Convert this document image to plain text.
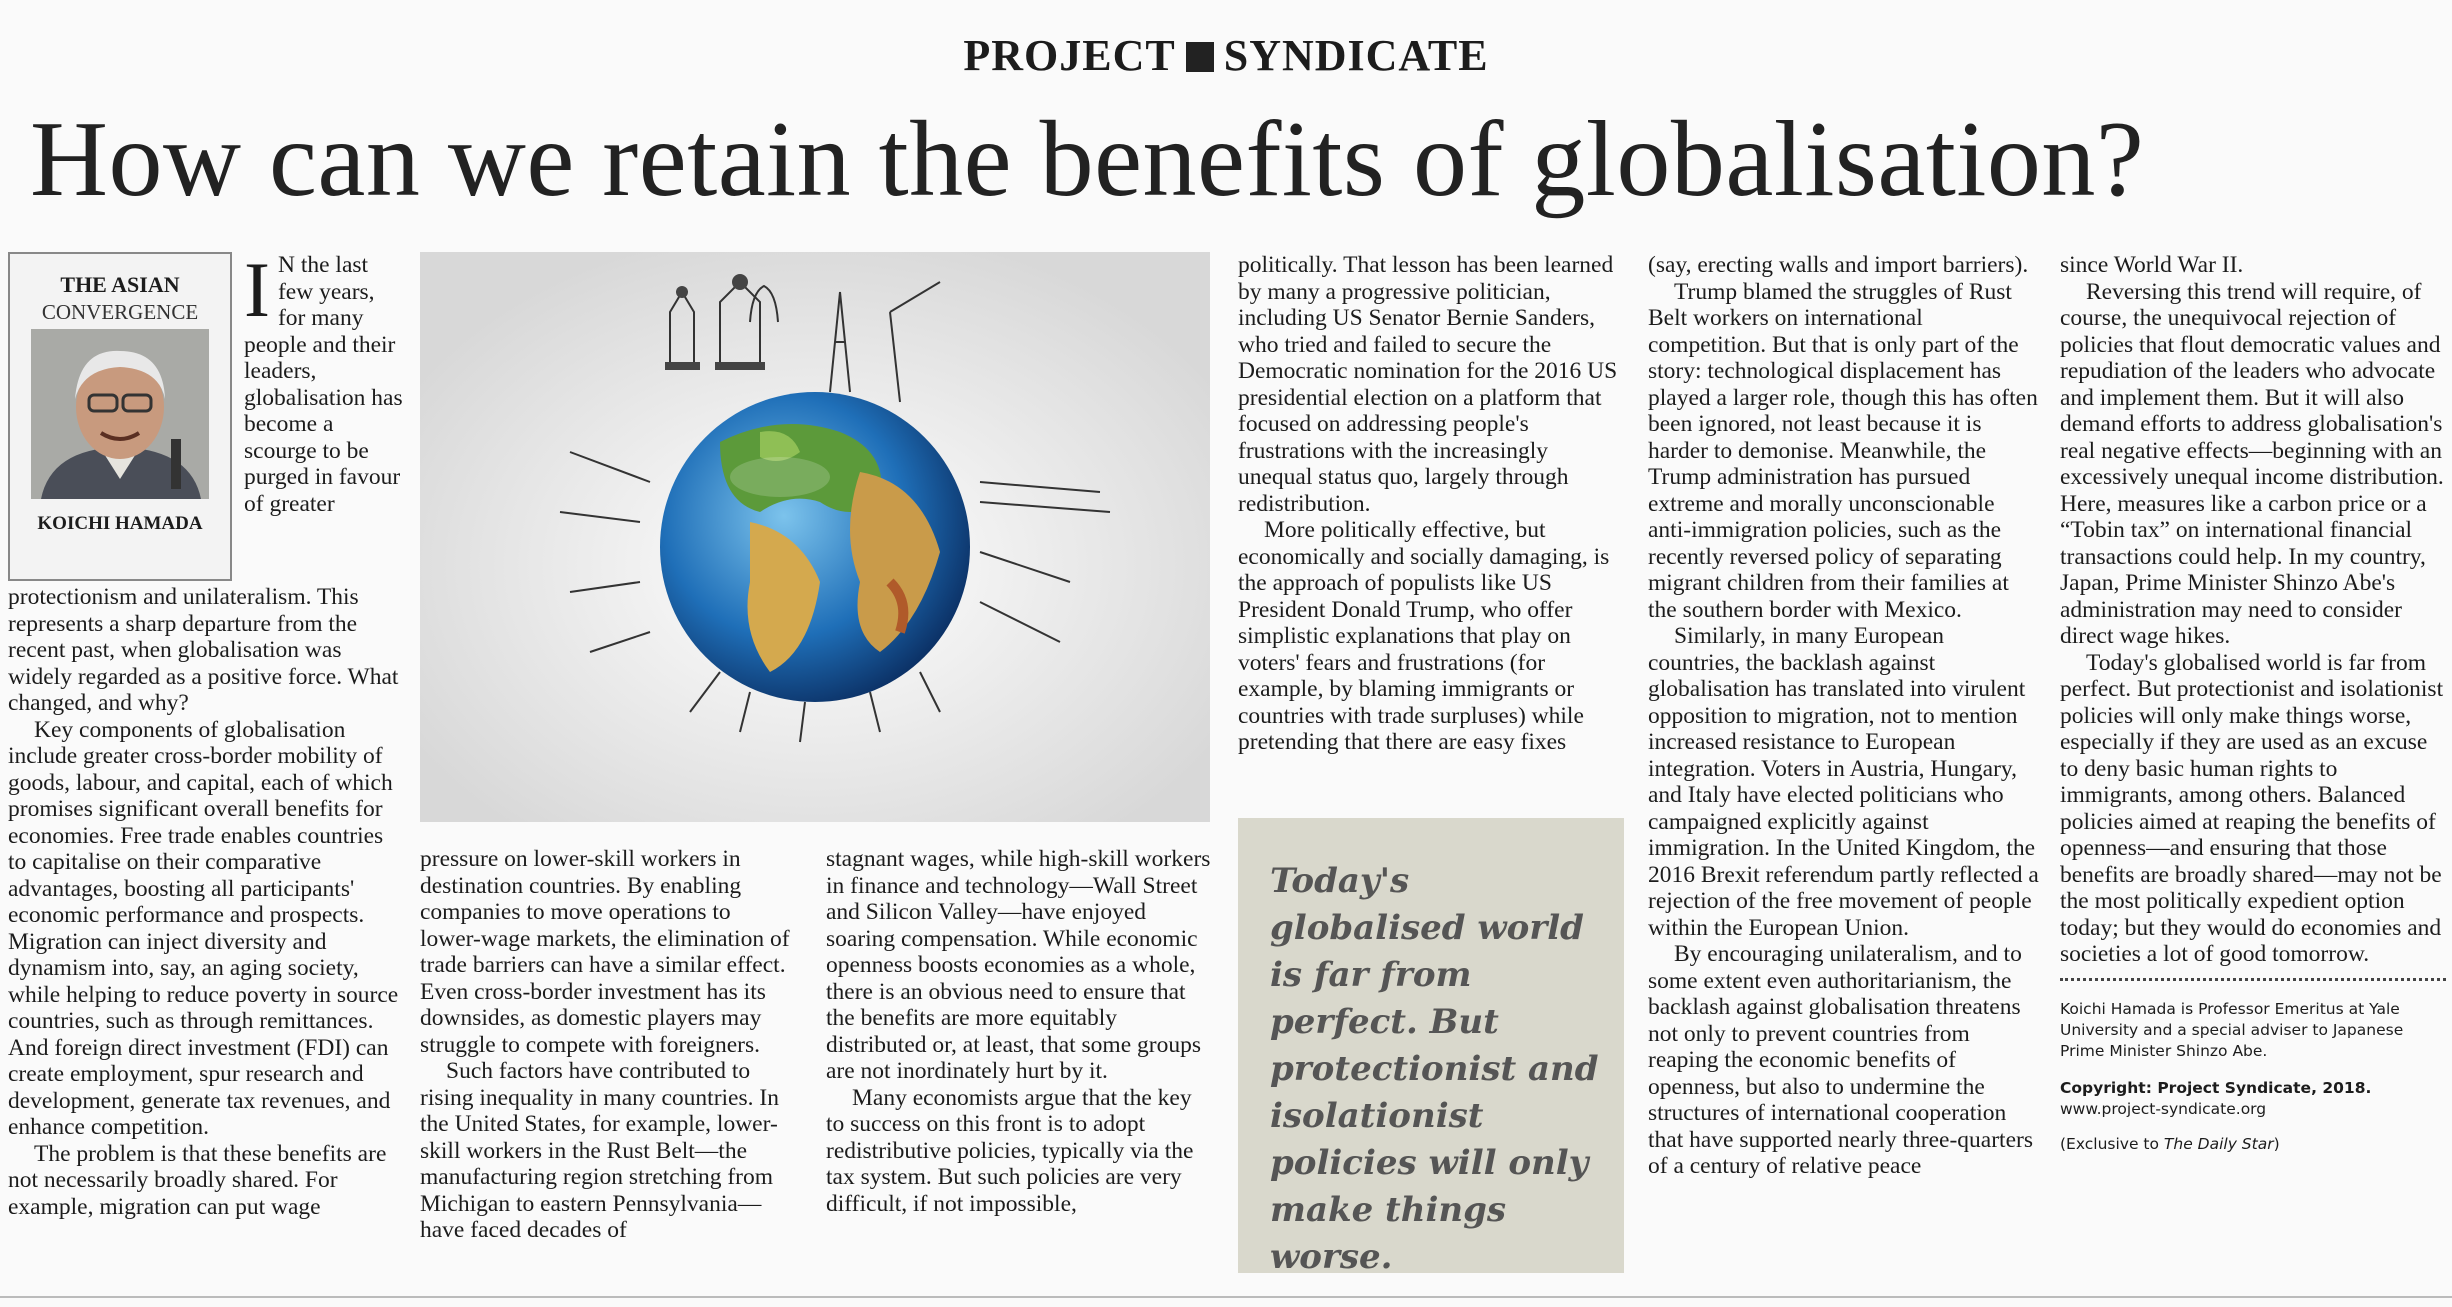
PROJECT SYNDICATE
How can we retain the benefits of globalisation?
THE ASIAN
CONVERGENCE
KOICHI HAMADA

I N the last few years, for many people and their leaders, globalisation has become a scourge to be purged in favour of greater

protectionism and unilateralism. This represents a sharp departure from the recent past, when globalisation was widely regarded as a positive force. What changed, and why?

Key components of globalisation include greater cross-border mobility of goods, labour, and capital, each of which promises significant overall benefits for economies. Free trade enables countries to capitalise on their comparative advantages, boosting all participants' economic performance and prospects. Migration can inject diversity and dynamism into, say, an aging society, while helping to reduce poverty in source countries, such as through remittances. And foreign direct investment (FDI) can create employment, spur research and development, generate tax revenues, and enhance competition.

The problem is that these benefits are not necessarily broadly shared. For example, migration can put wage

pressure on lower-skill workers in destination countries. By enabling companies to move operations to lower-wage markets, the elimination of trade barriers can have a similar effect. Even cross-border investment has its downsides, as domestic players may struggle to compete with foreigners.

Such factors have contributed to rising inequality in many countries. In the United States, for example, lower-skill workers in the Rust Belt—the manufacturing region stretching from Michigan to eastern Pennsylvania—have faced decades of

stagnant wages, while high-skill workers in finance and technology—Wall Street and Silicon Valley—have enjoyed soaring compensation. While economic openness boosts economies as a whole, there is an obvious need to ensure that the benefits are more equitably distributed or, at least, that some groups are not inordinately hurt by it.

Many economists argue that the key to success on this front is to adopt redistributive policies, typically via the tax system. But such policies are very difficult, if not impossible,

politically. That lesson has been learned by many a progressive politician, including US Senator Bernie Sanders, who tried and failed to secure the Democratic nomination for the 2016 US presidential election on a platform that focused on addressing people's frustrations with the increasingly unequal status quo, largely through redistribution.

More politically effective, but economically and socially damaging, is the approach of populists like US President Donald Trump, who offer simplistic explanations that play on voters' fears and frustrations (for example, by blaming immigrants or countries with trade surpluses) while pretending that there are easy fixes

Today's globalised world is far from perfect. But protectionist and isolationist policies will only make things worse.

(say, erecting walls and import barriers).

Trump blamed the struggles of Rust Belt workers on international competition. But that is only part of the story: technological displacement has played a larger role, though this has often been ignored, not least because it is harder to demonise. Meanwhile, the Trump administration has pursued extreme and morally unconscionable anti-immigration policies, such as the recently reversed policy of separating migrant children from their families at the southern border with Mexico.

Similarly, in many European countries, the backlash against globalisation has translated into virulent opposition to migration, not to mention increased resistance to European integration. Voters in Austria, Hungary, and Italy have elected politicians who campaigned explicitly against immigration. In the United Kingdom, the 2016 Brexit referendum partly reflected a rejection of the free movement of people within the European Union.

By encouraging unilateralism, and to some extent even authoritarianism, the backlash against globalisation threatens not only to prevent countries from reaping the economic benefits of openness, but also to undermine the structures of international cooperation that have supported nearly three-quarters of a century of relative peace

since World War II.

Reversing this trend will require, of course, the unequivocal rejection of policies that flout democratic values and repudiation of the leaders who advocate and implement them. But it will also demand efforts to address globalisation's real negative effects—beginning with an excessively unequal income distribution. Here, measures like a carbon price or a “Tobin tax” on international financial transactions could help. In my country, Japan, Prime Minister Shinzo Abe's administration may need to consider direct wage hikes.

Today's globalised world is far from perfect. But protectionist and isolationist policies will only make things worse, especially if they are used as an excuse to deny basic human rights to immigrants, among others. Balanced policies aimed at reaping the benefits of openness—and ensuring that those benefits are broadly shared—may not be the most politically expedient option today; but they would do economies and societies a lot of good tomorrow.

Koichi Hamada is Professor Emeritus at Yale University and a special adviser to Japanese Prime Minister Shinzo Abe.
Copyright: Project Syndicate, 2018.
www.project-syndicate.org
(Exclusive to The Daily Star)
